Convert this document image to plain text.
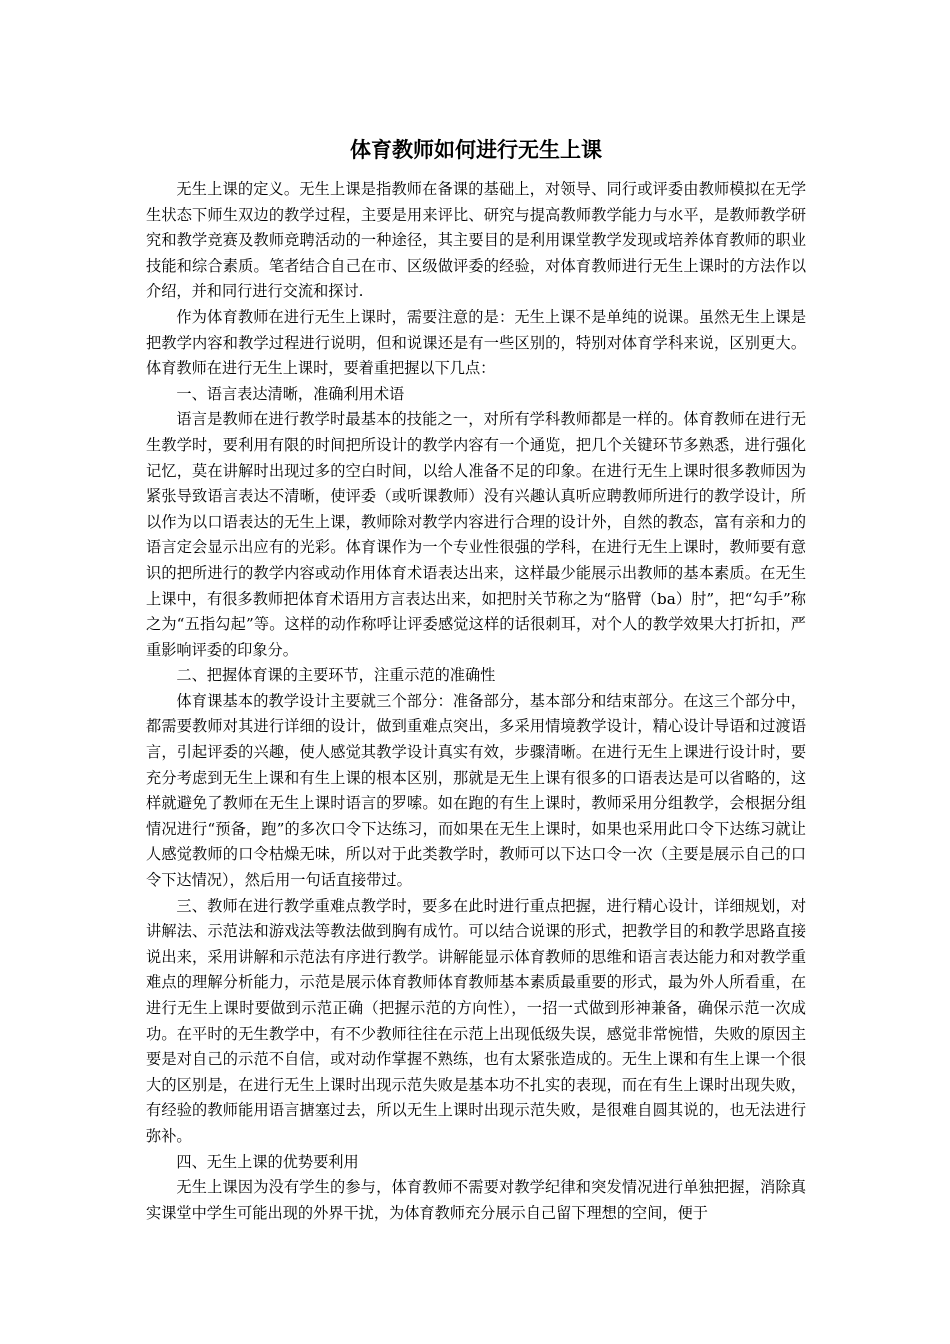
体育教师如何进行无生上课

无生上课的定义。无生上课是指教师在备课的基础上，对领导、同行或评委由教师模拟在无学生状态下师生双边的教学过程，主要是用来评比、研究与提高教师教学能力与水平，是教师教学研究和教学竞赛及教师竞聘活动的一种途径，其主要目的是利用课堂教学发现或培养体育教师的职业技能和综合素质。笔者结合自己在市、区级做评委的经验，对体育教师进行无生上课时的方法作以介绍，并和同行进行交流和探讨.

作为体育教师在进行无生上课时，需要注意的是：无生上课不是单纯的说课。虽然无生上课是把教学内容和教学过程进行说明，但和说课还是有一些区别的，特别对体育学科来说，区别更大。体育教师在进行无生上课时，要着重把握以下几点：

一、语言表达清晰，准确利用术语

语言是教师在进行教学时最基本的技能之一，对所有学科教师都是一样的。体育教师在进行无生教学时，要利用有限的时间把所设计的教学内容有一个通览，把几个关键环节多熟悉，进行强化记忆，莫在讲解时出现过多的空白时间，以给人准备不足的印象。在进行无生上课时很多教师因为紧张导致语言表达不清晰，使评委（或听课教师）没有兴趣认真听应聘教师所进行的教学设计，所以作为以口语表达的无生上课，教师除对教学内容进行合理的设计外，自然的教态，富有亲和力的语言定会显示出应有的光彩。体育课作为一个专业性很强的学科，在进行无生上课时，教师要有意识的把所进行的教学内容或动作用体育术语表达出来，这样最少能展示出教师的基本素质。在无生上课中，有很多教师把体育术语用方言表达出来，如把肘关节称之为“胳臂（ba）肘”，把“勾手”称之为“五指勾起”等。这样的动作称呼让评委感觉这样的话很刺耳，对个人的教学效果大打折扣，严重影响评委的印象分。

二、把握体育课的主要环节，注重示范的准确性

体育课基本的教学设计主要就三个部分：准备部分，基本部分和结束部分。在这三个部分中，都需要教师对其进行详细的设计，做到重难点突出，多采用情境教学设计，精心设计导语和过渡语言，引起评委的兴趣，使人感觉其教学设计真实有效，步骤清晰。在进行无生上课进行设计时，要充分考虑到无生上课和有生上课的根本区别，那就是无生上课有很多的口语表达是可以省略的，这样就避免了教师在无生上课时语言的罗嗦。如在跑的有生上课时，教师采用分组教学，会根据分组情况进行“预备，跑”的多次口令下达练习，而如果在无生上课时，如果也采用此口令下达练习就让人感觉教师的口令枯燥无味，所以对于此类教学时，教师可以下达口令一次（主要是展示自己的口令下达情况），然后用一句话直接带过。

三、教师在进行教学重难点教学时，要多在此时进行重点把握，进行精心设计，详细规划，对讲解法、示范法和游戏法等教法做到胸有成竹。可以结合说课的形式，把教学目的和教学思路直接说出来，采用讲解和示范法有序进行教学。讲解能显示体育教师的思维和语言表达能力和对教学重难点的理解分析能力，示范是展示体育教师体育教师基本素质最重要的形式，最为外人所看重，在进行无生上课时要做到示范正确（把握示范的方向性），一招一式做到形神兼备，确保示范一次成功。在平时的无生教学中，有不少教师往往在示范上出现低级失误，感觉非常惋惜，失败的原因主要是对自己的示范不自信，或对动作掌握不熟练，也有太紧张造成的。无生上课和有生上课一个很大的区别是，在进行无生上课时出现示范失败是基本功不扎实的表现，而在有生上课时出现失败，有经验的教师能用语言搪塞过去，所以无生上课时出现示范失败，是很难自圆其说的，也无法进行弥补。

四、无生上课的优势要利用

无生上课因为没有学生的参与，体育教师不需要对教学纪律和突发情况进行单独把握，消除真实课堂中学生可能出现的外界干扰，为体育教师充分展示自己留下理想的空间，便于
